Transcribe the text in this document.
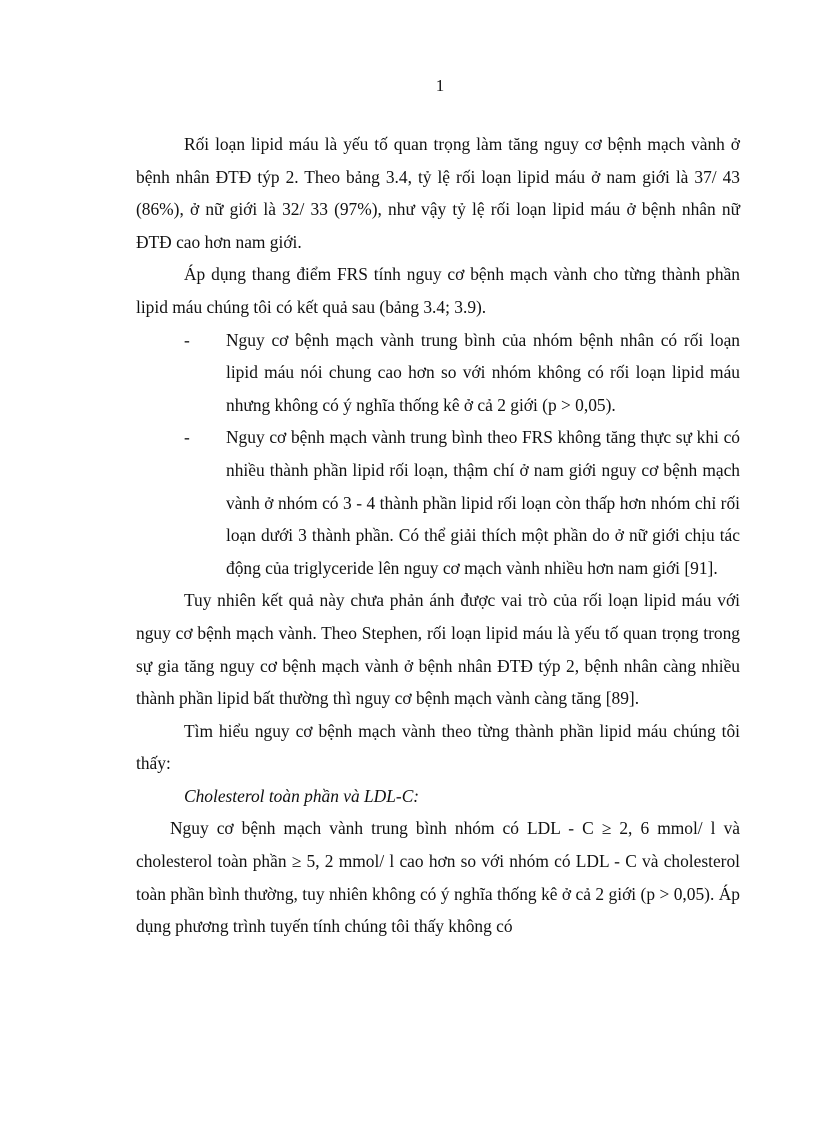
1

Rối loạn lipid máu là yếu tố quan trọng làm tăng nguy cơ bệnh mạch vành ở bệnh nhân ĐTĐ týp 2. Theo bảng 3.4, tỷ lệ rối loạn lipid máu ở nam giới là 37/ 43 (86%), ở nữ giới là 32/ 33 (97%), như vậy tỷ lệ rối loạn lipid máu ở bệnh nhân nữ ĐTĐ cao hơn nam giới.

Áp dụng thang điểm FRS tính nguy cơ bệnh mạch vành cho từng thành phần lipid máu chúng tôi có kết quả sau (bảng 3.4; 3.9).

- Nguy cơ bệnh mạch vành trung bình của nhóm bệnh nhân có rối loạn lipid máu nói chung cao hơn so với nhóm không có rối loạn lipid máu nhưng không có ý nghĩa thống kê ở cả 2 giới (p > 0,05).

- Nguy cơ bệnh mạch vành trung bình theo FRS không tăng thực sự khi có nhiều thành phần lipid rối loạn, thậm chí ở nam giới nguy cơ bệnh mạch vành ở nhóm có 3 - 4 thành phần lipid rối loạn còn thấp hơn nhóm chỉ rối loạn dưới 3 thành phần. Có thể giải thích một phần do ở nữ giới chịu tác động của triglyceride lên nguy cơ mạch vành nhiều hơn nam giới [91].

Tuy nhiên kết quả này chưa phản ánh được vai trò của rối loạn lipid máu với nguy cơ bệnh mạch vành. Theo Stephen, rối loạn lipid máu là yếu tố quan trọng trong sự gia tăng nguy cơ bệnh mạch vành ở bệnh nhân ĐTĐ týp 2, bệnh nhân càng nhiều thành phần lipid bất thường thì nguy cơ bệnh mạch vành càng tăng [89].

Tìm hiểu nguy cơ bệnh mạch vành theo từng thành phần lipid máu chúng tôi thấy:

Cholesterol toàn phần và LDL-C:

Nguy cơ bệnh mạch vành trung bình nhóm có LDL - C ≥ 2, 6 mmol/ l và cholesterol toàn phần ≥ 5, 2 mmol/ l cao hơn so với nhóm có LDL - C và cholesterol toàn phần bình thường, tuy nhiên không có ý nghĩa thống kê ở cả 2 giới (p > 0,05). Áp dụng phương trình tuyến tính chúng tôi thấy không có
